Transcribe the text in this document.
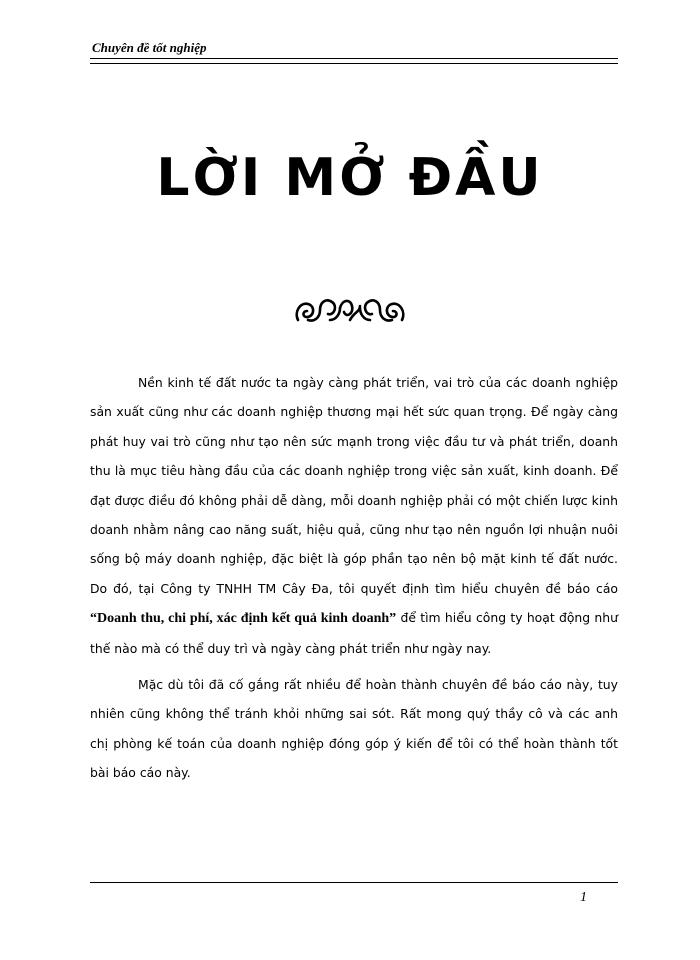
Chuyên đề tốt nghiệp
LỜI MỞ ĐẦU

Nền kinh tế đất nước ta ngày càng phát triển, vai trò của các doanh nghiệp sản xuất cũng như các doanh nghiệp thương mại hết sức quan trọng. Để ngày càng phát huy vai trò cũng như tạo nên sức mạnh trong việc đầu tư và phát triển, doanh thu là mục tiêu hàng đầu của các doanh nghiệp trong việc sản xuất, kinh doanh. Để đạt được điều đó không phải dễ dàng, mỗi doanh nghiệp phải có một chiến lược kinh doanh nhằm nâng cao năng suất, hiệu quả, cũng như tạo nên nguồn lợi nhuận nuôi sống bộ máy doanh nghiệp, đặc biệt là góp phần tạo nên bộ mặt kinh tế đất nước. Do đó, tại Công ty TNHH TM Cây Đa, tôi quyết định tìm hiểu chuyên đề báo cáo “Doanh thu, chi phí, xác định kết quả kinh doanh” để tìm hiểu công ty hoạt động như thế nào mà có thể duy trì và ngày càng phát triển như ngày nay.

Mặc dù tôi đã cố gắng rất nhiều để hoàn thành chuyên đề báo cáo này, tuy nhiên cũng không thể tránh khỏi những sai sót. Rất mong quý thầy cô và các anh chị phòng kế toán của doanh nghiệp đóng góp ý kiến để tôi có thể hoàn thành tốt bài báo cáo này.

1
